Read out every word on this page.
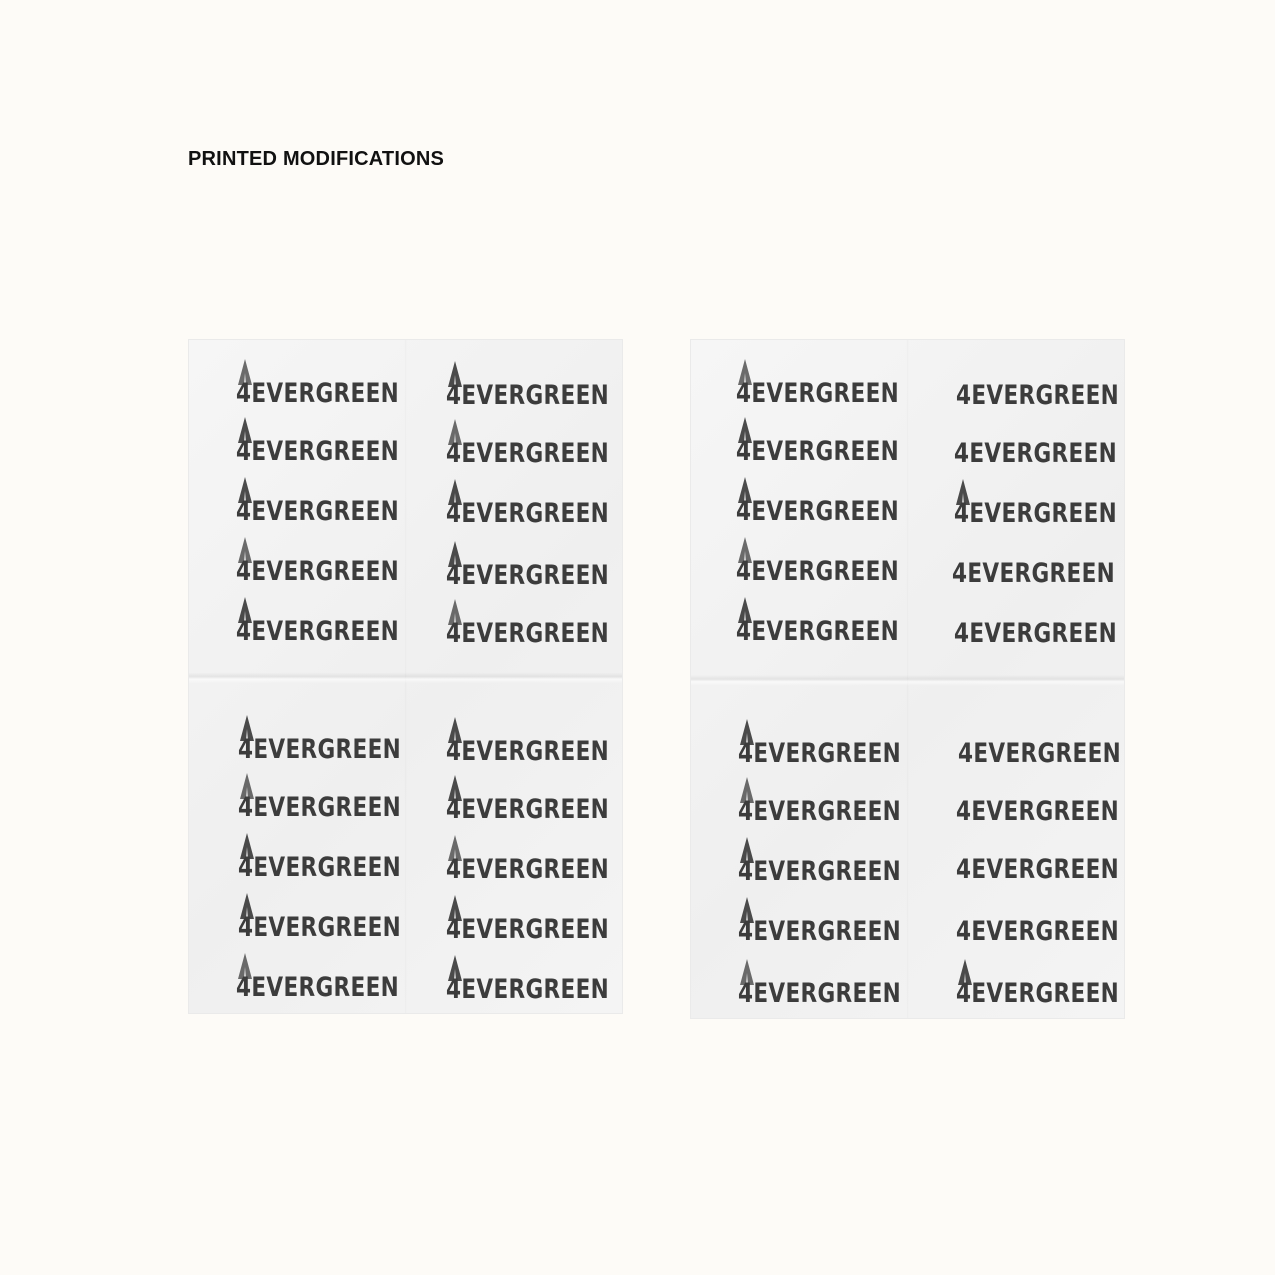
PRINTED MODIFICATIONS
4EVERGREEN 4EVERGREEN
4EVERGREEN 4EVERGREEN
4EVERGREEN 4EVERGREEN
4EVERGREEN 4EVERGREEN
4EVERGREEN 4EVERGREEN
4EVERGREEN 4EVERGREEN
4EVERGREEN 4EVERGREEN
4EVERGREEN 4EVERGREEN
4EVERGREEN 4EVERGREEN
4EVERGREEN 4EVERGREEN
4EVERGREEN 4EVERGREEN
4EVERGREEN 4EVERGREEN
4EVERGREEN 4EVERGREEN
4EVERGREEN 4EVERGREEN
4EVERGREEN 4EVERGREEN
4EVERGREEN 4EVERGREEN
4EVERGREEN 4EVERGREEN
4EVERGREEN 4EVERGREEN
4EVERGREEN 4EVERGREEN
4EVERGREEN 4EVERGREEN
